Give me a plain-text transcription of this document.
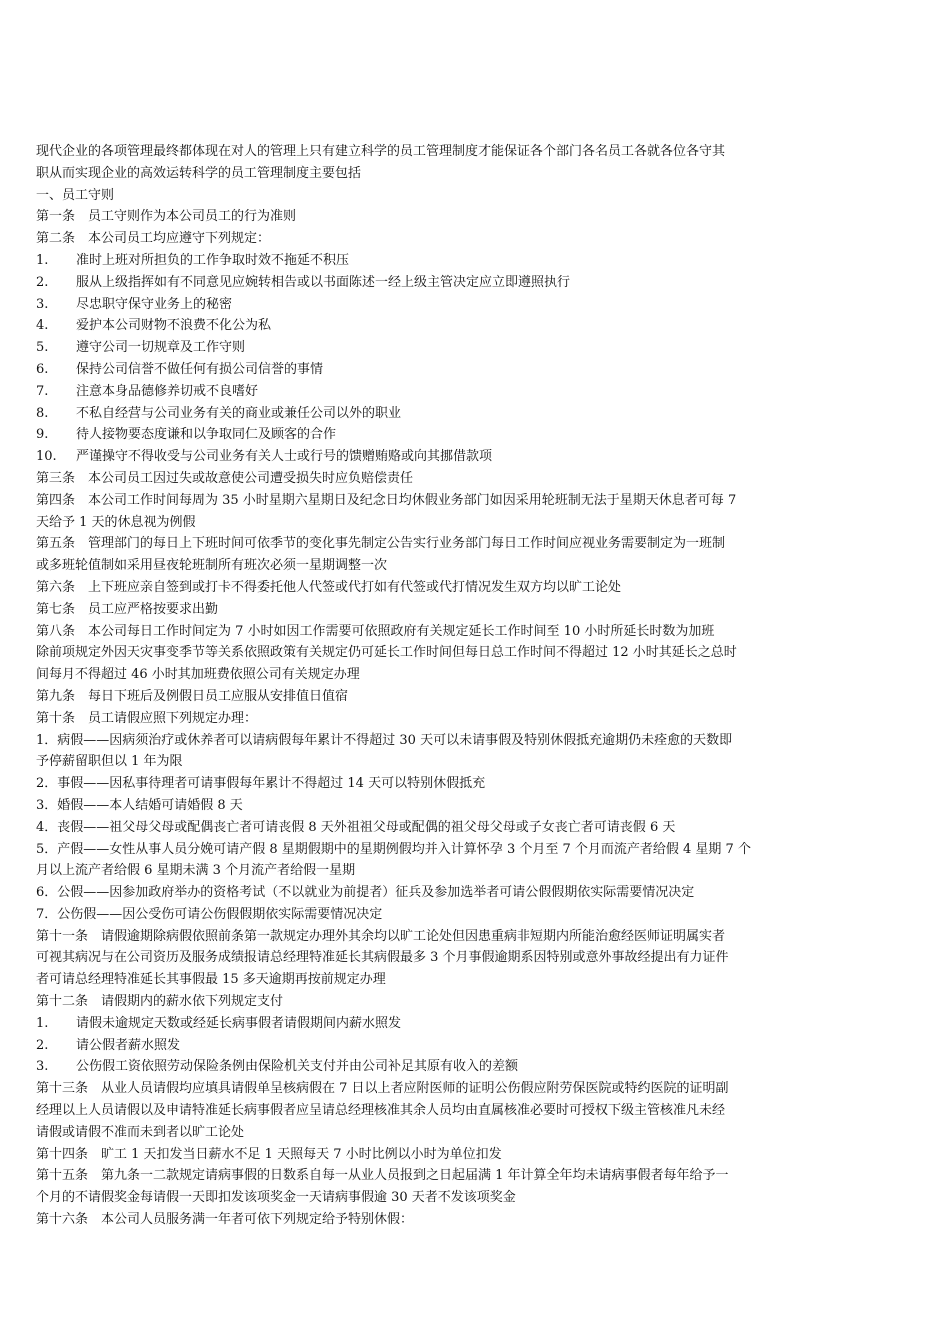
现代企业的各项管理最终都体现在对人的管理上只有建立科学的员工管理制度才能保证各个部门各名员工各就各位各守其
职从而实现企业的高效运转科学的员工管理制度主要包括
一、员工守则
第一条　员工守则作为本公司员工的行为准则
第二条　本公司员工均应遵守下列规定：
1. 准时上班对所担负的工作争取时效不拖延不积压
2. 服从上级指挥如有不同意见应婉转相告或以书面陈述一经上级主管决定应立即遵照执行
3. 尽忠职守保守业务上的秘密
4. 爱护本公司财物不浪费不化公为私
5. 遵守公司一切规章及工作守则
6. 保持公司信誉不做任何有损公司信誉的事情
7. 注意本身品德修养切戒不良嗜好
8. 不私自经营与公司业务有关的商业或兼任公司以外的职业
9. 待人接物要态度谦和以争取同仁及顾客的合作
10. 严谨操守不得收受与公司业务有关人士或行号的馈赠贿赂或向其挪借款项
第三条　本公司员工因过失或故意使公司遭受损失时应负赔偿责任
第四条　本公司工作时间每周为 35 小时星期六星期日及纪念日均休假业务部门如因采用轮班制无法于星期天休息者可每 7
天给予 1 天的休息视为例假
第五条　管理部门的每日上下班时间可依季节的变化事先制定公告实行业务部门每日工作时间应视业务需要制定为一班制
或多班轮值制如采用昼夜轮班制所有班次必须一星期调整一次
第六条　上下班应亲自签到或打卡不得委托他人代签或代打如有代签或代打情况发生双方均以旷工论处
第七条　员工应严格按要求出勤
第八条　本公司每日工作时间定为 7 小时如因工作需要可依照政府有关规定延长工作时间至 10 小时所延长时数为加班
除前项规定外因天灾事变季节等关系依照政策有关规定仍可延长工作时间但每日总工作时间不得超过 12 小时其延长之总时
间每月不得超过 46 小时其加班费依照公司有关规定办理
第九条　每日下班后及例假日员工应服从安排值日值宿
第十条　员工请假应照下列规定办理：
1．病假——因病须治疗或休养者可以请病假每年累计不得超过 30 天可以未请事假及特别休假抵充逾期仍未痊愈的天数即
予停薪留职但以 1 年为限
2．事假——因私事待理者可请事假每年累计不得超过 14 天可以特别休假抵充
3．婚假——本人结婚可请婚假 8 天
4．丧假——祖父母父母或配偶丧亡者可请丧假 8 天外祖祖父母或配偶的祖父母父母或子女丧亡者可请丧假 6 天
5．产假——女性从事人员分娩可请产假 8 星期假期中的星期例假均并入计算怀孕 3 个月至 7 个月而流产者给假 4 星期 7 个
月以上流产者给假 6 星期未满 3 个月流产者给假一星期
6．公假——因参加政府举办的资格考试（不以就业为前提者）征兵及参加选举者可请公假假期依实际需要情况决定
7．公伤假——因公受伤可请公伤假假期依实际需要情况决定
第十一条　请假逾期除病假依照前条第一款规定办理外其余均以旷工论处但因患重病非短期内所能治愈经医师证明属实者
可视其病况与在公司资历及服务成绩报请总经理特准延长其病假最多 3 个月事假逾期系因特别或意外事故经提出有力证件
者可请总经理特准延长其事假最 15 多天逾期再按前规定办理
第十二条　请假期内的薪水依下列规定支付
1. 请假未逾规定天数或经延长病事假者请假期间内薪水照发
2. 请公假者薪水照发
3. 公伤假工资依照劳动保险条例由保险机关支付并由公司补足其原有收入的差额
第十三条　从业人员请假均应填具请假单呈核病假在 7 日以上者应附医师的证明公伤假应附劳保医院或特约医院的证明副
经理以上人员请假以及申请特准延长病事假者应呈请总经理核准其余人员均由直属核准必要时可授权下级主管核准凡未经
请假或请假不准而未到者以旷工论处
第十四条　旷工 1 天扣发当日薪水不足 1 天照每天 7 小时比例以小时为单位扣发
第十五条　第九条一二款规定请病事假的日数系自每一从业人员报到之日起届满 1 年计算全年均未请病事假者每年给予一
个月的不请假奖金每请假一天即扣发该项奖金一天请病事假逾 30 天者不发该项奖金
第十六条　本公司人员服务满一年者可依下列规定给予特别休假：
